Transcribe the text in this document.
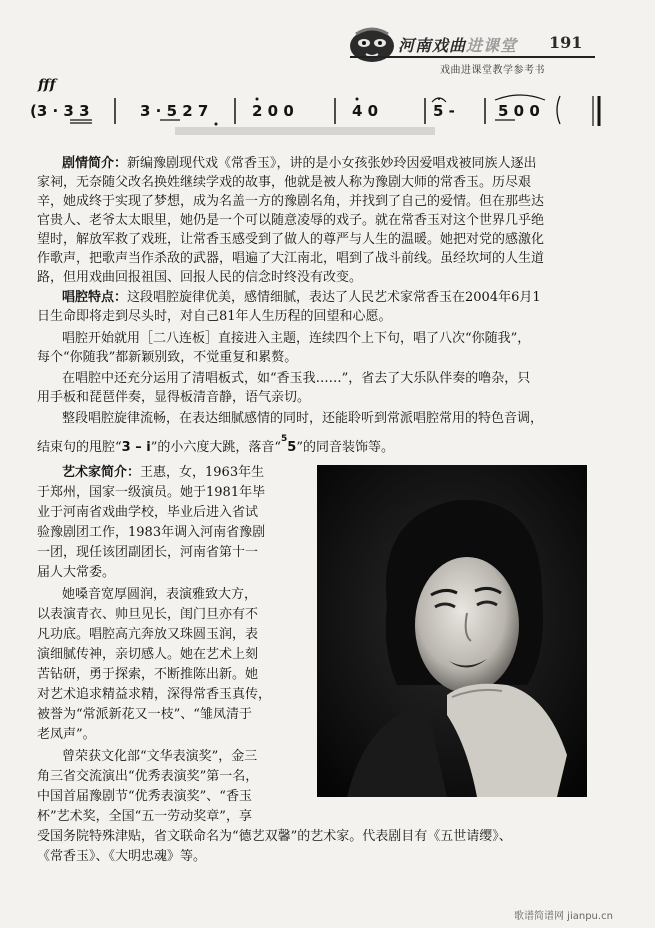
河南戏曲进课堂 191
戏曲进课堂教学参考书
fff
(3 · 3 3	3 · 5 2 7	2 0 0	4 0	5 -	5 0 0
剧情简介：新编豫剧现代戏《常香玉》，讲的是小女孩张妙玲因爱唱戏被同族人逐出
家祠，无奈随父改名换姓继续学戏的故事，他就是被人称为豫剧大师的常香玉。历尽艰
辛，她成终于实现了梦想，成为名盖一方的豫剧名角，并找到了自己的爱情。但在那些达
官贵人、老爷太太眼里，她仍是一个可以随意凌辱的戏子。就在常香玉对这个世界几乎绝
望时，解放军救了戏班，让常香玉感受到了做人的尊严与人生的温暖。她把对党的感激化
作歌声，把歌声当作杀敌的武器，唱遍了大江南北，唱到了战斗前线。虽经坎坷的人生道
路，但用戏曲回报祖国、回报人民的信念时终没有改变。
唱腔特点：这段唱腔旋律优美，感情细腻，表达了人民艺术家常香玉在2004年6月1
日生命即将走到尽头时，对自己81年人生历程的回望和心愿。
唱腔开始就用［二八连板］直接进入主题，连续四个上下句，唱了八次“你随我”，
每个“你随我”都新颖别致，不觉重复和累赘。
在唱腔中还充分运用了清唱板式，如“香玉我……”，省去了大乐队伴奏的噜杂，只
用手板和琵琶伴奏，显得板清音静，语气亲切。
整段唱腔旋律流畅，在表达细腻感情的同时，还能聆听到常派唱腔常用的特色音调，
结束句的甩腔“3 – i”的小六度大跳，落音“$^5$5”的同音装饰等。
艺术家简介：王惠，女，1963年生
于郑州，国家一级演员。她于1981年毕
业于河南省戏曲学校，毕业后进入省试
验豫剧团工作，1983年调入河南省豫剧
一团，现任该团副团长，河南省第十一
届人大常委。
她嗓音宽厚圆润，表演雅致大方，
以表演青衣、帅旦见长，闺门旦亦有不
凡功底。唱腔高亢奔放又珠圆玉润，表
演细腻传神，亲切感人。她在艺术上刻
苦钻研，勇于探索，不断推陈出新。她
对艺术追求精益求精，深得常香玉真传，
被誉为“常派新花又一枝”、“雏凤清于
老凤声”。
曾荣获文化部“文华表演奖”，金三
角三省交流演出“优秀表演奖”第一名，
中国首届豫剧节“优秀表演奖”、“香玉
杯”艺术奖，全国“五一劳动奖章”，享
受国务院特殊津贴，省文联命名为“德艺双馨”的艺术家。代表剧目有《五世请缨》、
《常香玉》、《大明忠魂》等。
歌谱简谱网 jianpu.cn
